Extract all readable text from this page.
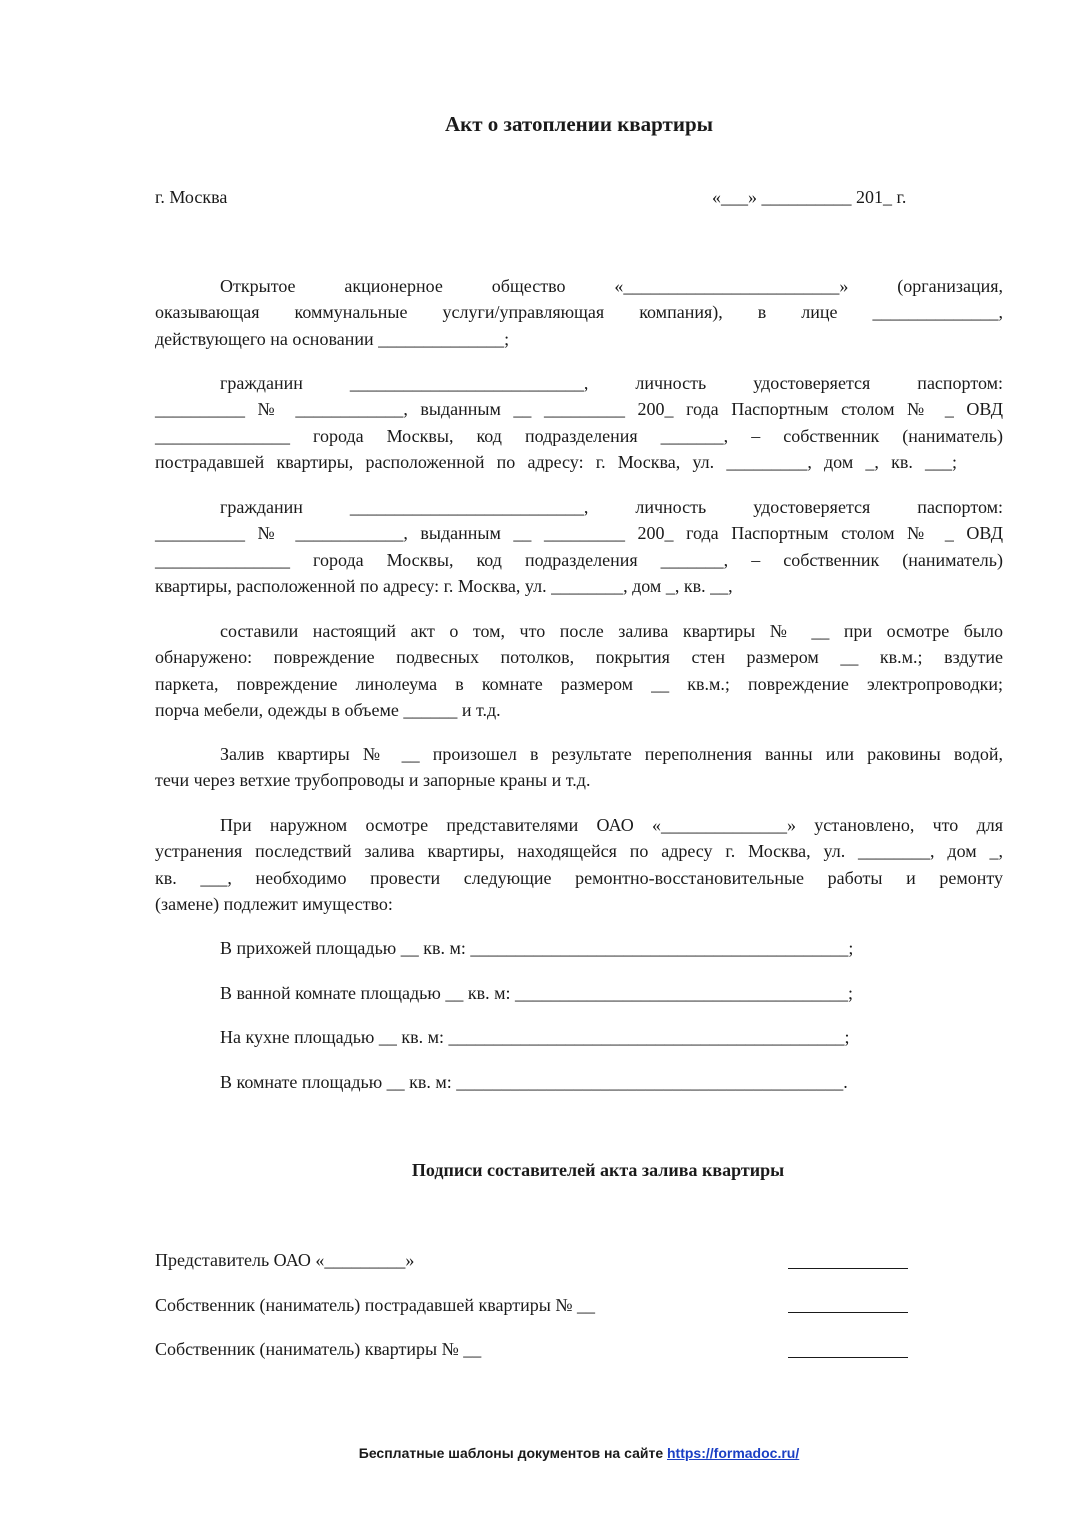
Акт о затоплении квартиры
г. Москва	«___» __________ 201_ г.
Открытое акционерное общество «________________________» (организация,
оказывающая коммунальные услуги/управляющая компания), в лице ______________,
действующего на основании ______________;
гражданин __________________________, личность удостоверяется паспортом:
__________ № ____________, выданным __ _________ 200_ года Паспортным столом № _ ОВД
_______________ города Москвы, код подразделения _______, – собственник (наниматель)
пострадавшей квартиры, расположенной по адресу: г. Москва, ул. _________, дом _, кв. ___;
гражданин __________________________, личность удостоверяется паспортом:
__________ № ____________, выданным __ _________ 200_ года Паспортным столом № _ ОВД
_______________ города Москвы, код подразделения _______, – собственник (наниматель)
квартиры, расположенной по адресу: г. Москва, ул. ________, дом _, кв. __,
составили настоящий акт о том, что после залива квартиры № __ при осмотре было
обнаружено: повреждение подвесных потолков, покрытия стен размером __ кв.м.; вздутие
паркета, повреждение линолеума в комнате размером __ кв.м.; повреждение электропроводки;
порча мебели, одежды в объеме ______ и т.д.
Залив квартиры № __ произошел в результате переполнения ванны или раковины водой,
течи через ветхие трубопроводы и запорные краны и т.д.
При наружном осмотре представителями ОАО «______________» установлено, что для
устранения последствий залива квартиры, находящейся по адресу г. Москва, ул. ________, дом _,
кв. ___, необходимо провести следующие ремонтно-восстановительные работы и ремонту
(замене) подлежит имущество:
В прихожей площадью __ кв. м: __________________________________________;
В ванной комнате площадью __ кв. м: _____________________________________;
На кухне площадью __ кв. м: ____________________________________________;
В комнате площадью __ кв. м: ___________________________________________.
Подписи составителей акта залива квартиры
Представитель ОАО «_________»
Собственник (наниматель) пострадавшей квартиры № __
Собственник (наниматель) квартиры № __
Бесплатные шаблоны документов на сайте https://formadoc.ru/
